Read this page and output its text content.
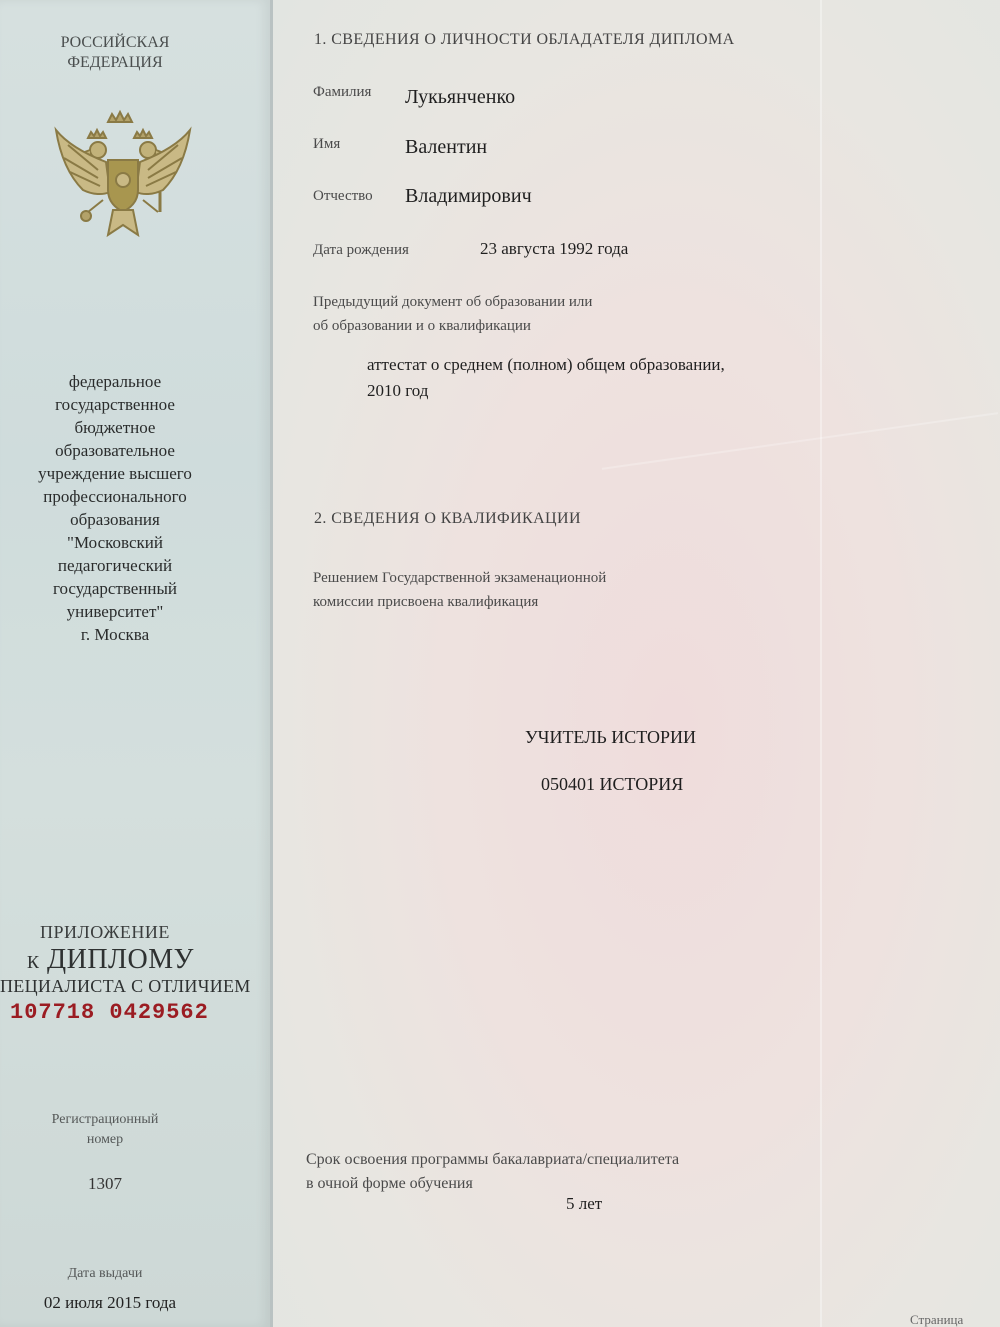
РОССИЙСКАЯ
ФЕДЕРАЦИЯ
федеральное
государственное
бюджетное
образовательное
учреждение высшего
профессионального
образования
"Московский
педагогический
государственный
университет"
г. Москва
ПРИЛОЖЕНИЕ
К ДИПЛОМУ
ПЕЦИАЛИСТА С ОТЛИЧИЕМ
107718 0429562
Регистрационный
номер
1307
Дата выдачи
02 июля 2015 года
1. СВЕДЕНИЯ О ЛИЧНОСТИ ОБЛАДАТЕЛЯ ДИПЛОМА
Фамилия Лукьянченко
Имя	Валентин
Отчество Владимирович
Дата рождения	23 августа 1992 года
Предыдущий документ об образовании или
об образовании и о квалификации
аттестат о среднем (полном) общем образовании,
2010 год
2. СВЕДЕНИЯ О КВАЛИФИКАЦИИ
Решением Государственной экзаменационной
комиссии присвоена квалификация
УЧИТЕЛЬ ИСТОРИИ
050401 ИСТОРИЯ
Срок освоения программы бакалавриата/специалитета
в очной форме обучения
5 лет
Страница
